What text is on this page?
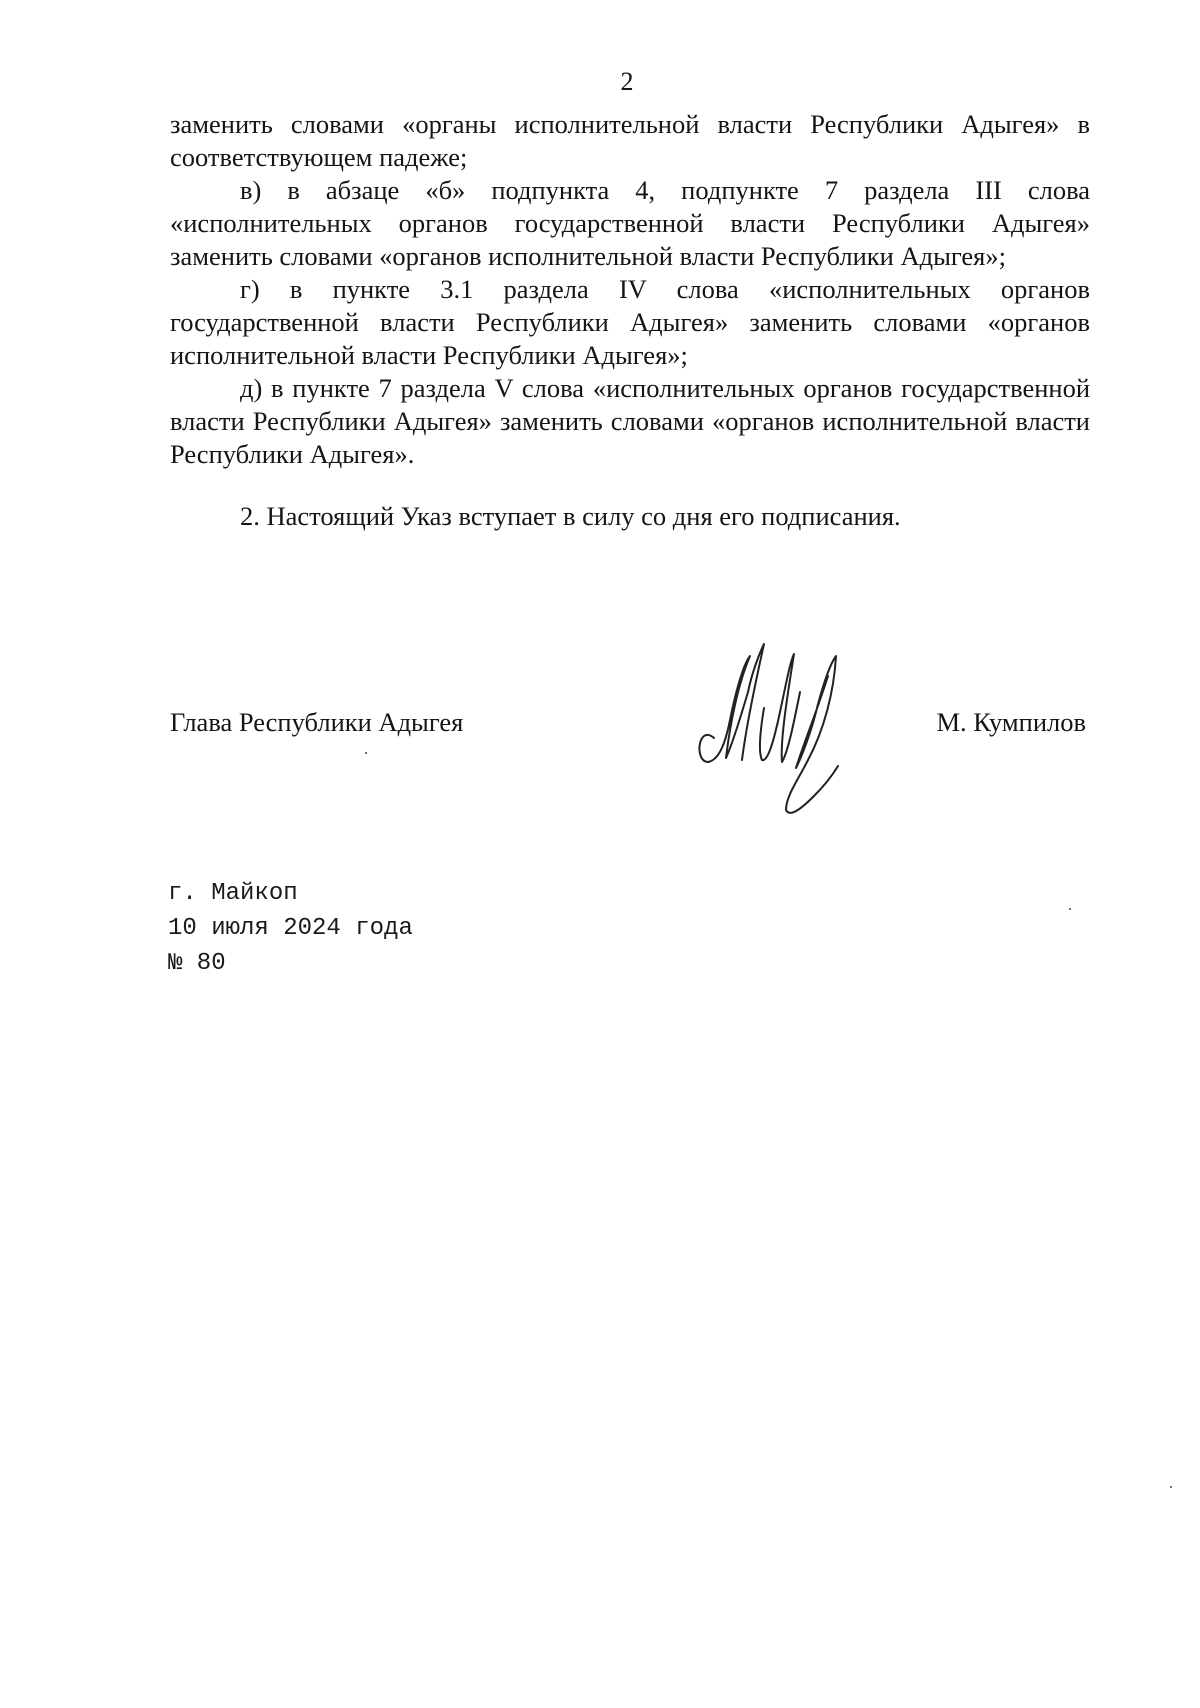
2

заменить словами «органы исполнительной власти Республики Адыгея» в соответствующем падеже;

в) в абзаце «б» подпункта 4, подпункте 7 раздела III слова «исполнительных органов государственной власти Республики Адыгея» заменить словами «органов исполнительной власти Республики Адыгея»;

г) в пункте 3.1 раздела IV слова «исполнительных органов государственной власти Республики Адыгея» заменить словами «органов исполнительной власти Республики Адыгея»;

д) в пункте 7 раздела V слова «исполнительных органов государственной власти Республики Адыгея» заменить словами «органов исполнительной власти Республики Адыгея».

2. Настоящий Указ вступает в силу со дня его подписания.

Глава Республики Адыгея	М. Кумпилов
г. Майкоп
10 июля 2024 года
№ 80
